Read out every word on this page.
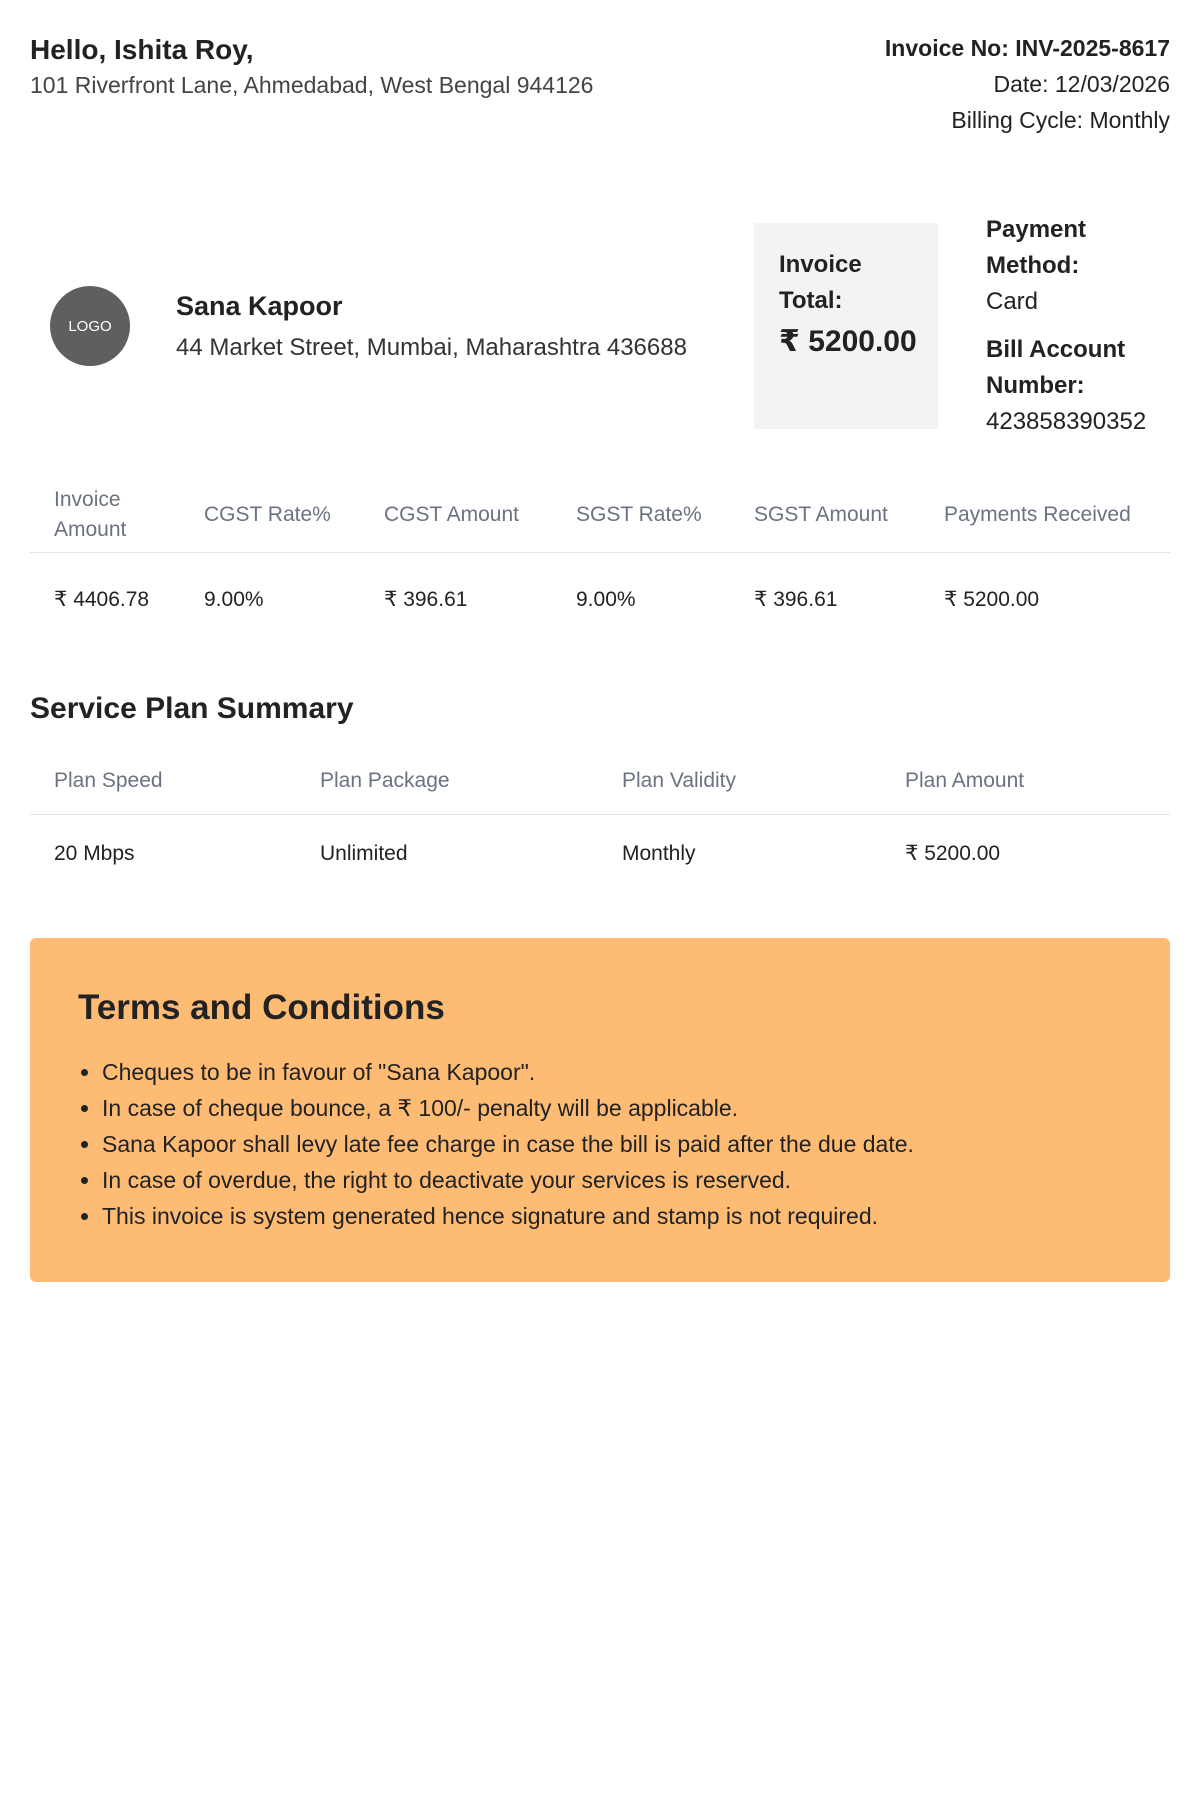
Hello, Ishita Roy,
101 Riverfront Lane, Ahmedabad, West Bengal 944126
Invoice No: INV-2025-8617
Date: 12/03/2026
Billing Cycle: Monthly
LOGO
Sana Kapoor
44 Market Street, Mumbai, Maharashtra 436688
Invoice Total:
₹ 5200.00
Payment Method:
Card
Bill Account Number:
423858390352
Invoice Amount	CGST Rate%	CGST Amount	SGST Rate%	SGST Amount	Payments Received
₹ 4406.78	9.00%	₹ 396.61	9.00%	₹ 396.61	₹ 5200.00
Service Plan Summary
Plan Speed	Plan Package	Plan Validity	Plan Amount
20 Mbps	Unlimited	Monthly	₹ 5200.00
Terms and Conditions
• Cheques to be in favour of "Sana Kapoor".
• In case of cheque bounce, a ₹ 100/- penalty will be applicable.
• Sana Kapoor shall levy late fee charge in case the bill is paid after the due date.
• In case of overdue, the right to deactivate your services is reserved.
• This invoice is system generated hence signature and stamp is not required.
